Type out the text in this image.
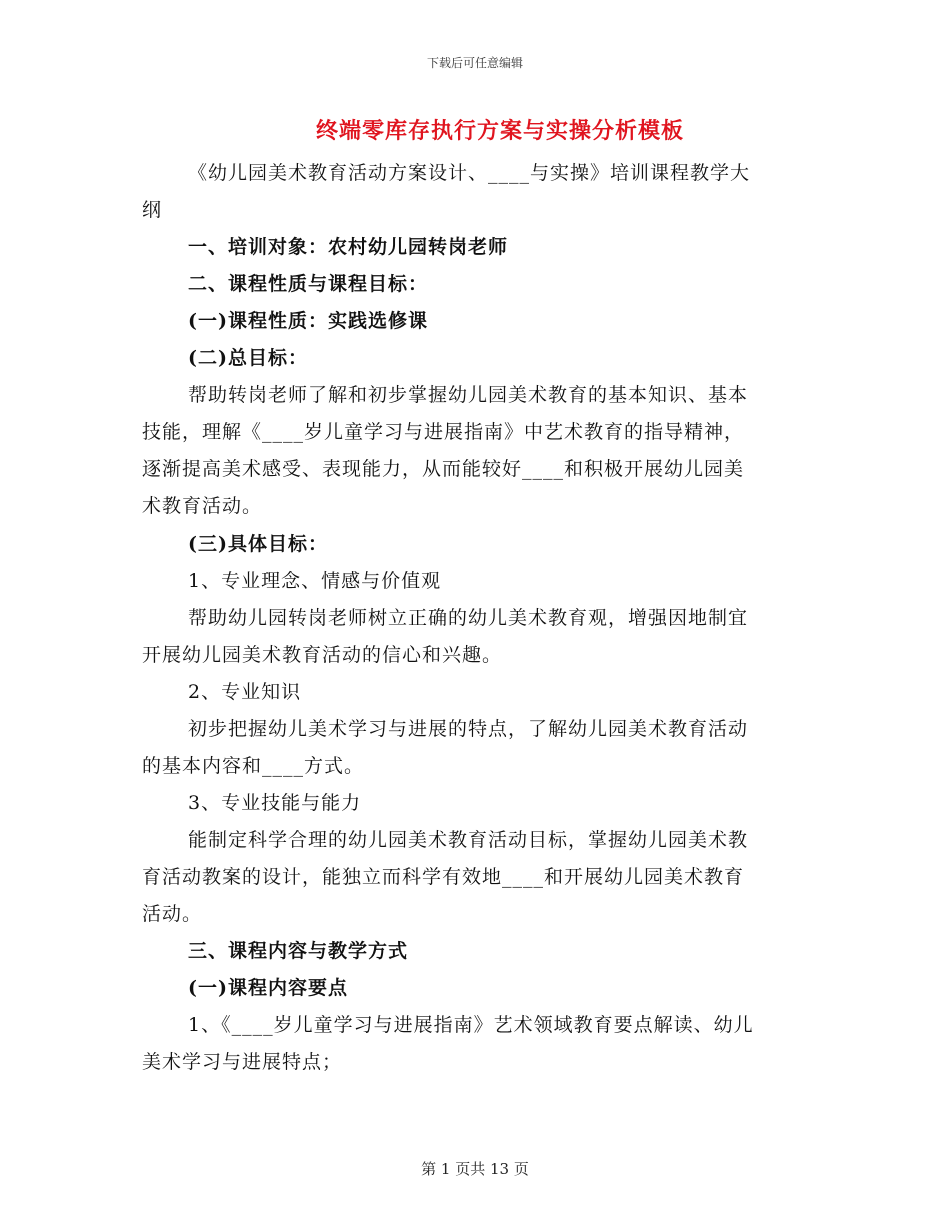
下载后可任意编辑
终端零库存执行方案与实操分析模板
《幼儿园美术教育活动方案设计、____与实操》培训课程教学大
纲
一、培训对象：农村幼儿园转岗老师
二、课程性质与课程目标：
(一)课程性质：实践选修课
(二)总目标：
帮助转岗老师了解和初步掌握幼儿园美术教育的基本知识、基本
技能，理解《____岁儿童学习与进展指南》中艺术教育的指导精神，
逐渐提高美术感受、表现能力，从而能较好____和积极开展幼儿园美
术教育活动。
(三)具体目标：
1、专业理念、情感与价值观
帮助幼儿园转岗老师树立正确的幼儿美术教育观，增强因地制宜
开展幼儿园美术教育活动的信心和兴趣。
2、专业知识
初步把握幼儿美术学习与进展的特点，了解幼儿园美术教育活动
的基本内容和____方式。
3、专业技能与能力
能制定科学合理的幼儿园美术教育活动目标，掌握幼儿园美术教
育活动教案的设计，能独立而科学有效地____和开展幼儿园美术教育
活动。
三、课程内容与教学方式
(一)课程内容要点
1、《____岁儿童学习与进展指南》艺术领域教育要点解读、幼儿
美术学习与进展特点；
第 1 页共 13 页
